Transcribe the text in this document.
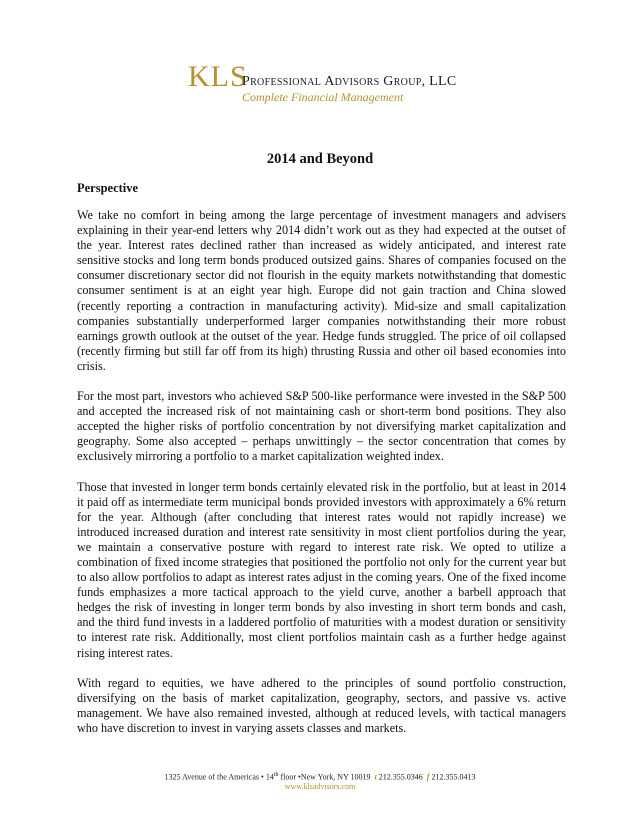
KLS
Professional Advisors Group, LLC
Complete Financial Management
2014 and Beyond
Perspective

We take no comfort in being among the large percentage of investment managers and advisers explaining in their year-end letters why 2014 didn’t work out as they had expected at the outset of the year. Interest rates declined rather than increased as widely anticipated, and interest rate sensitive stocks and long term bonds produced outsized gains. Shares of companies focused on the consumer discretionary sector did not flourish in the equity markets notwithstanding that domestic consumer sentiment is at an eight year high. Europe did not gain traction and China slowed (recently reporting a contraction in manufacturing activity). Mid-size and small capitalization companies substantially underperformed larger companies notwithstanding their more robust earnings growth outlook at the outset of the year. Hedge funds struggled. The price of oil collapsed (recently firming but still far off from its high) thrusting Russia and other oil based economies into crisis.

For the most part, investors who achieved S&P 500-like performance were invested in the S&P 500 and accepted the increased risk of not maintaining cash or short-term bond positions. They also accepted the higher risks of portfolio concentration by not diversifying market capitalization and geography. Some also accepted – perhaps unwittingly – the sector concentration that comes by exclusively mirroring a portfolio to a market capitalization weighted index.

Those that invested in longer term bonds certainly elevated risk in the portfolio, but at least in 2014 it paid off as intermediate term municipal bonds provided investors with approximately a 6% return for the year. Although (after concluding that interest rates would not rapidly increase) we introduced increased duration and interest rate sensitivity in most client portfolios during the year, we maintain a conservative posture with regard to interest rate risk. We opted to utilize a combination of fixed income strategies that positioned the portfolio not only for the current year but to also allow portfolios to adapt as interest rates adjust in the coming years. One of the fixed income funds emphasizes a more tactical approach to the yield curve, another a barbell approach that hedges the risk of investing in longer term bonds by also investing in short term bonds and cash, and the third fund invests in a laddered portfolio of maturities with a modest duration or sensitivity to interest rate risk. Additionally, most client portfolios maintain cash as a further hedge against rising interest rates.

With regard to equities, we have adhered to the principles of sound portfolio construction, diversifying on the basis of market capitalization, geography, sectors, and passive vs. active management. We have also remained invested, although at reduced levels, with tactical managers who have discretion to invest in varying assets classes and markets.

1325 Avenue of the Americas • 14th floor •New York, NY 10019 t 212.355.0346 f 212.355.0413
www.klsadvisors.com
